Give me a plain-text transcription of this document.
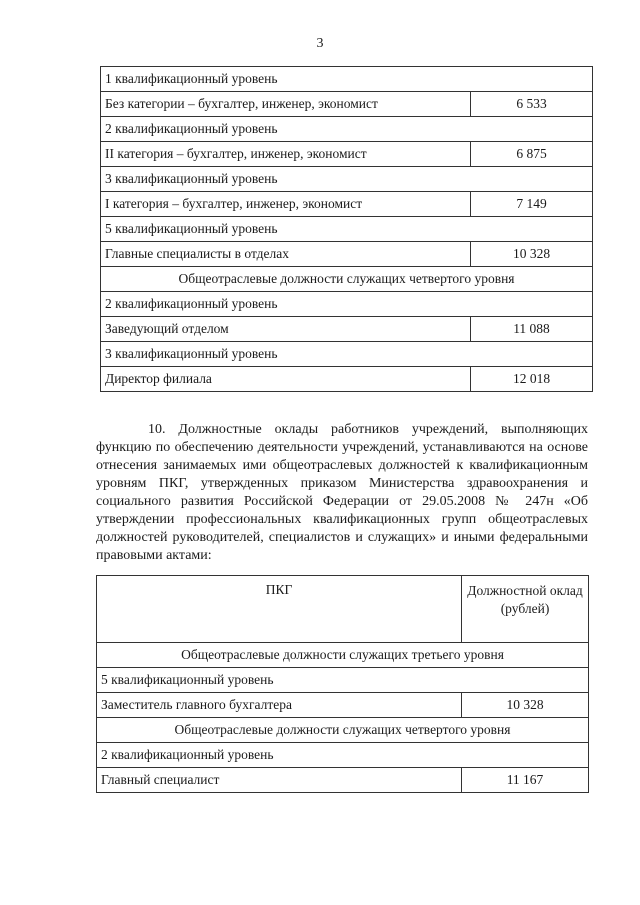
3
1 квалификационный уровень	
Без категории – бухгалтер, инженер, экономист	6 533
2 квалификационный уровень	
II категория – бухгалтер, инженер, экономист	6 875
3 квалификационный уровень	
I категория – бухгалтер, инженер, экономист	7 149
5 квалификационный уровень	
Главные специалисты в отделах	10 328
Общеотраслевые должности служащих четвертого уровня	
2 квалификационный уровень	
Заведующий отделом	11 088
3 квалификационный уровень	
Директор филиала	12 018

10. Должностные оклады работников учреждений, выполняющих функцию по обеспечению деятельности учреждений, устанавливаются на основе отнесения занимаемых ими общеотраслевых должностей к квалификационным уровням ПКГ, утвержденных приказом Министерства здравоохранения и социального развития Российской Федерации от 29.05.2008 № 247н «Об утверждении профессиональных квалификационных групп общеотраслевых должностей руководителей, специалистов и служащих» и иными федеральными правовыми актами:

ПКГ	Должностной оклад (рублей)
Общеотраслевые должности служащих третьего уровня	
5 квалификационный уровень	
Заместитель главного бухгалтера	10 328
Общеотраслевые должности служащих четвертого уровня	
2 квалификационный уровень	
Главный специалист	11 167
